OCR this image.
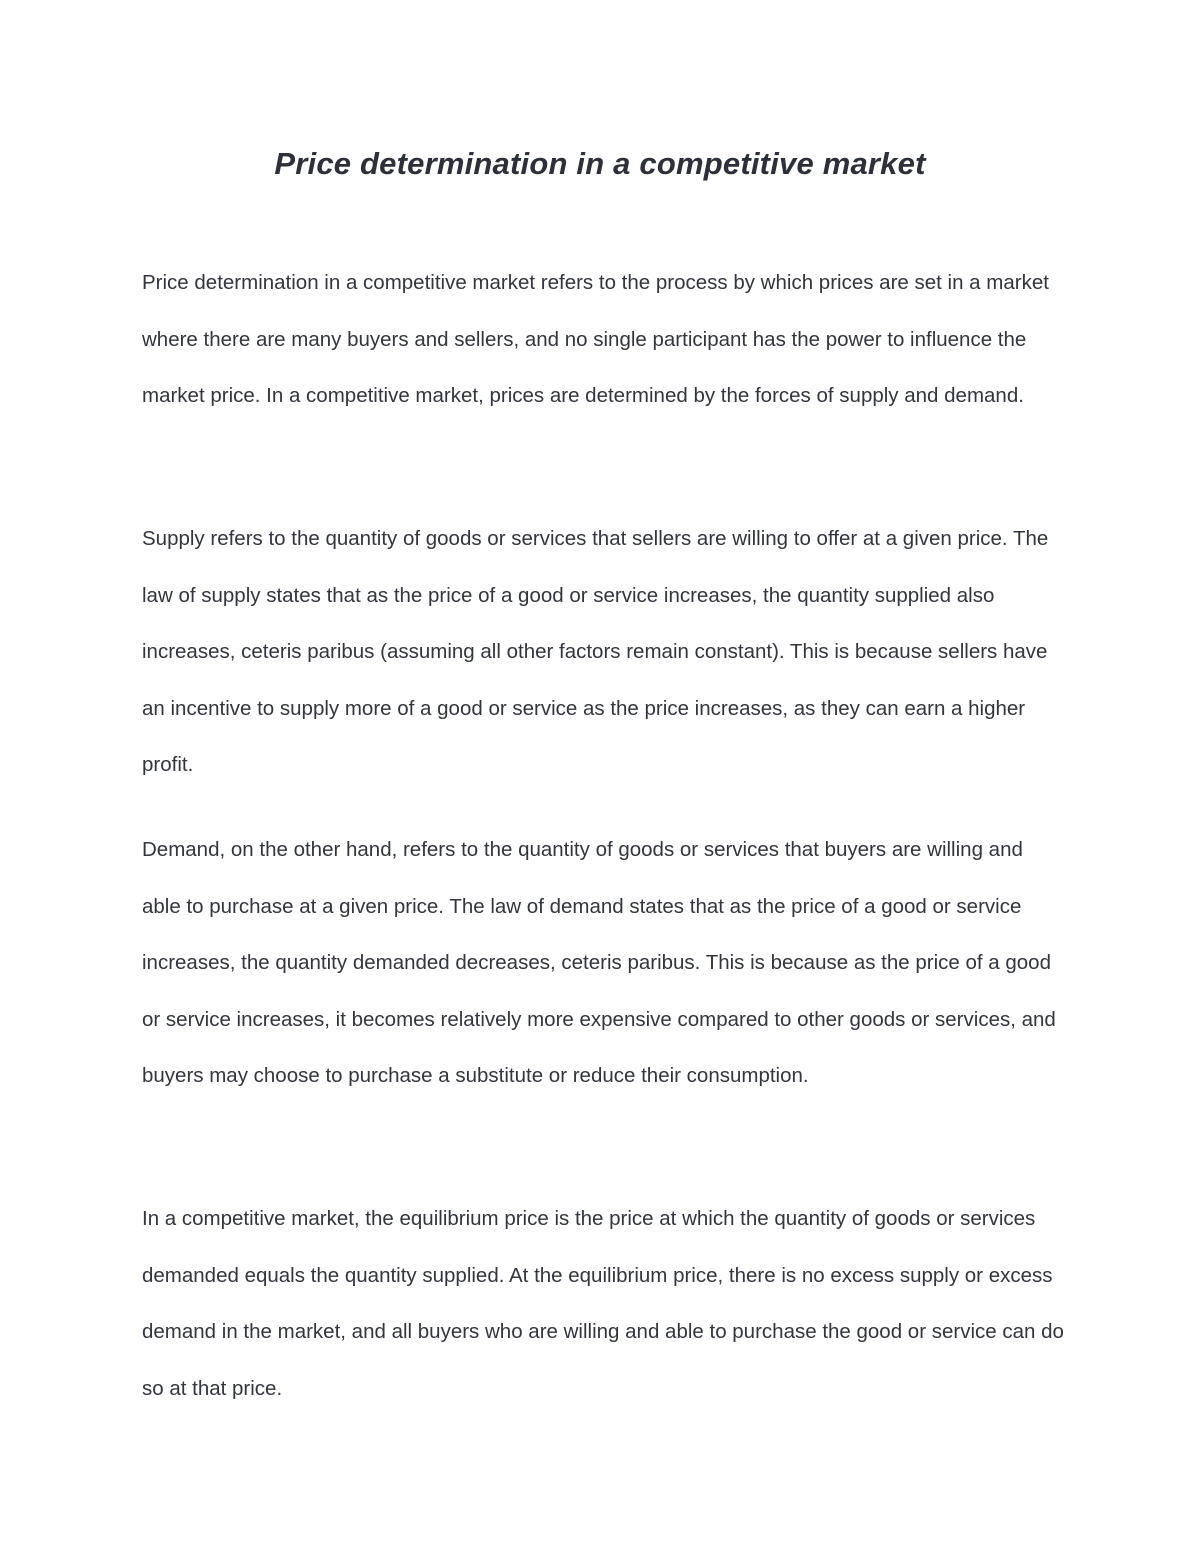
Price determination in a competitive market

Price determination in a competitive market refers to the process by which prices are set in a market where there are many buyers and sellers, and no single participant has the power to influence the market price. In a competitive market, prices are determined by the forces of supply and demand.

Supply refers to the quantity of goods or services that sellers are willing to offer at a given price. The law of supply states that as the price of a good or service increases, the quantity supplied also increases, ceteris paribus (assuming all other factors remain constant). This is because sellers have an incentive to supply more of a good or service as the price increases, as they can earn a higher profit.

Demand, on the other hand, refers to the quantity of goods or services that buyers are willing and able to purchase at a given price. The law of demand states that as the price of a good or service increases, the quantity demanded decreases, ceteris paribus. This is because as the price of a good or service increases, it becomes relatively more expensive compared to other goods or services, and buyers may choose to purchase a substitute or reduce their consumption.

In a competitive market, the equilibrium price is the price at which the quantity of goods or services demanded equals the quantity supplied. At the equilibrium price, there is no excess supply or excess demand in the market, and all buyers who are willing and able to purchase the good or service can do so at that price.
